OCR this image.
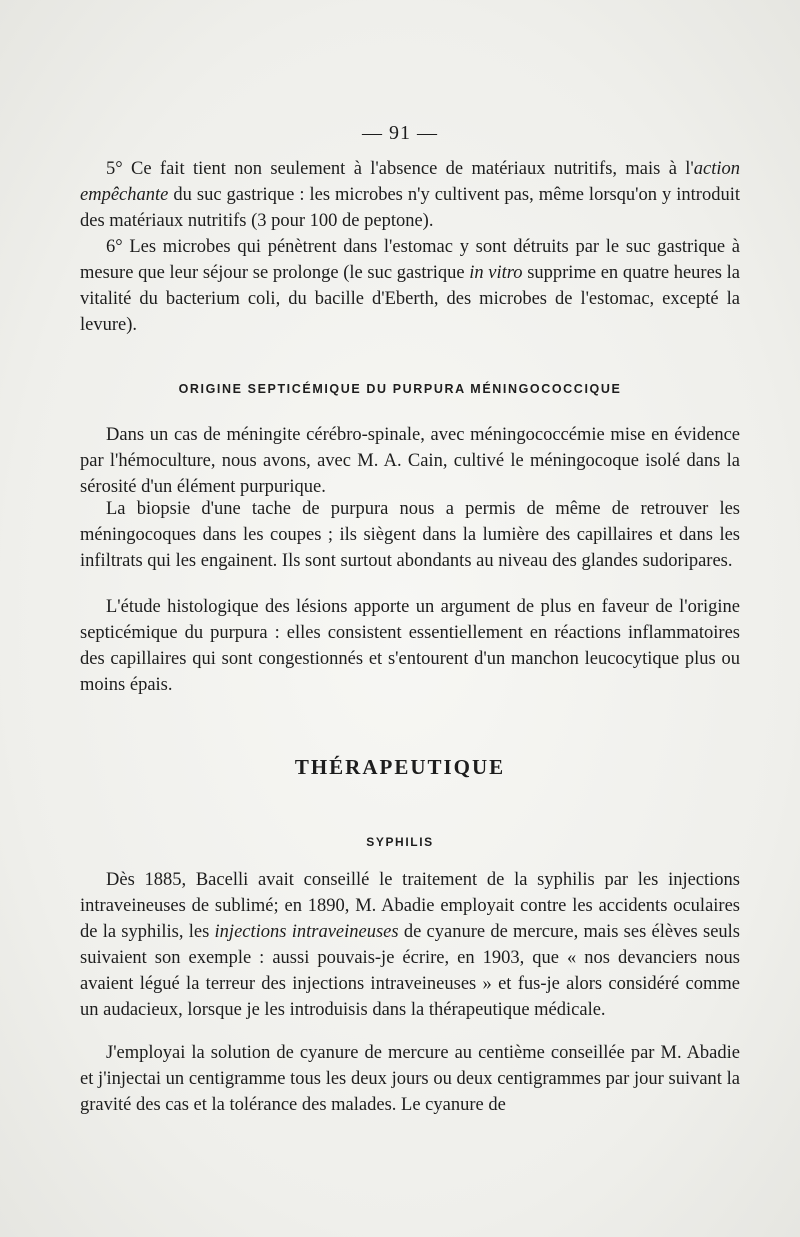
— 91 —

5° Ce fait tient non seulement à l'absence de matériaux nutritifs, mais à l'action empêchante du suc gastrique : les microbes n'y cultivent pas, même lorsqu'on y introduit des matériaux nutritifs (3 pour 100 de peptone).

6° Les microbes qui pénètrent dans l'estomac y sont détruits par le suc gastrique à mesure que leur séjour se prolonge (le suc gastrique in vitro supprime en quatre heures la vitalité du bacterium coli, du bacille d'Eberth, des microbes de l'estomac, excepté la levure).

ORIGINE SEPTICÉMIQUE DU PURPURA MÉNINGOCOCCIQUE

Dans un cas de méningite cérébro-spinale, avec méningococcémie mise en évidence par l'hémoculture, nous avons, avec M. A. Cain, cultivé le méningocoque isolé dans la sérosité d'un élément purpurique.

La biopsie d'une tache de purpura nous a permis de même de retrouver les méningocoques dans les coupes ; ils siègent dans la lumière des capillaires et dans les infiltrats qui les engainent. Ils sont surtout abondants au niveau des glandes sudoripares.

L'étude histologique des lésions apporte un argument de plus en faveur de l'origine septicémique du purpura : elles consistent essentiellement en réactions inflammatoires des capillaires qui sont congestionnés et s'entourent d'un manchon leucocytique plus ou moins épais.

THÉRAPEUTIQUE
SYPHILIS

Dès 1885, Bacelli avait conseillé le traitement de la syphilis par les injections intraveineuses de sublimé; en 1890, M. Abadie employait contre les accidents oculaires de la syphilis, les injections intraveineuses de cyanure de mercure, mais ses élèves seuls suivaient son exemple : aussi pouvais-je écrire, en 1903, que « nos devanciers nous avaient légué la terreur des injections intraveineuses » et fus-je alors considéré comme un audacieux, lorsque je les introduisis dans la thérapeutique médicale.

J'employai la solution de cyanure de mercure au centième conseillée par M. Abadie et j'injectai un centigramme tous les deux jours ou deux centigrammes par jour suivant la gravité des cas et la tolérance des malades. Le cyanure de
